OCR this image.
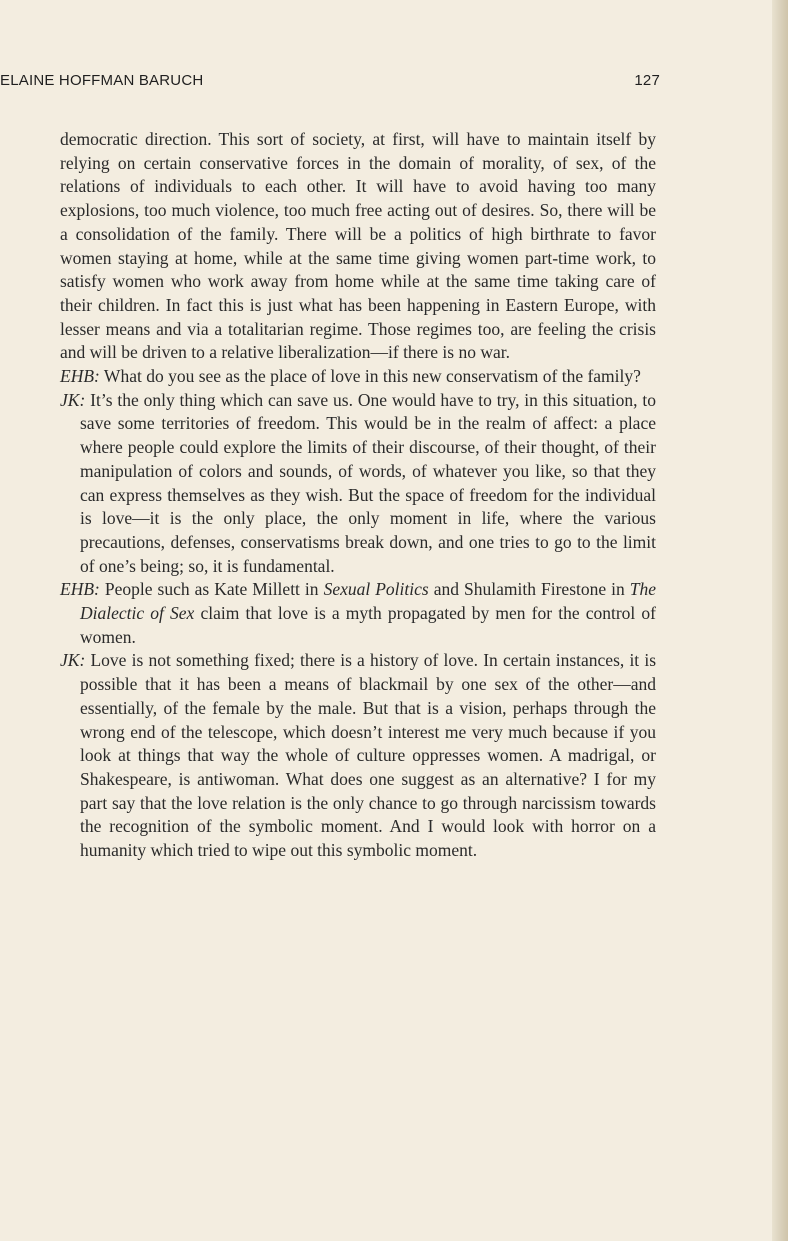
ELAINE HOFFMAN BARUCH	127

democratic direction. This sort of society, at first, will have to maintain itself by relying on certain conservative forces in the domain of morality, of sex, of the relations of individuals to each other. It will have to avoid having too many explosions, too much violence, too much free acting out of desires. So, there will be a consolidation of the family. There will be a politics of high birthrate to favor women staying at home, while at the same time giving women part-time work, to satisfy women who work away from home while at the same time taking care of their children. In fact this is just what has been happening in Eastern Europe, with lesser means and via a totalitarian regime. Those regimes too, are feeling the crisis and will be driven to a relative liberalization—if there is no war.

EHB: What do you see as the place of love in this new conservatism of the family?

JK: It’s the only thing which can save us. One would have to try, in this situation, to save some territories of freedom. This would be in the realm of affect: a place where people could explore the limits of their discourse, of their thought, of their manipulation of colors and sounds, of words, of whatever you like, so that they can express themselves as they wish. But the space of freedom for the individual is love—it is the only place, the only moment in life, where the various precautions, defenses, conservatisms break down, and one tries to go to the limit of one’s being; so, it is fundamental.

EHB: People such as Kate Millett in Sexual Politics and Shulamith Firestone in The Dialectic of Sex claim that love is a myth propagated by men for the control of women.

JK: Love is not something fixed; there is a history of love. In certain instances, it is possible that it has been a means of blackmail by one sex of the other—and essentially, of the female by the male. But that is a vision, perhaps through the wrong end of the telescope, which doesn’t interest me very much because if you look at things that way the whole of culture oppresses women. A madrigal, or Shakespeare, is antiwoman. What does one suggest as an alternative? I for my part say that the love relation is the only chance to go through narcissism towards the recognition of the symbolic moment. And I would look with horror on a humanity which tried to wipe out this symbolic moment.
